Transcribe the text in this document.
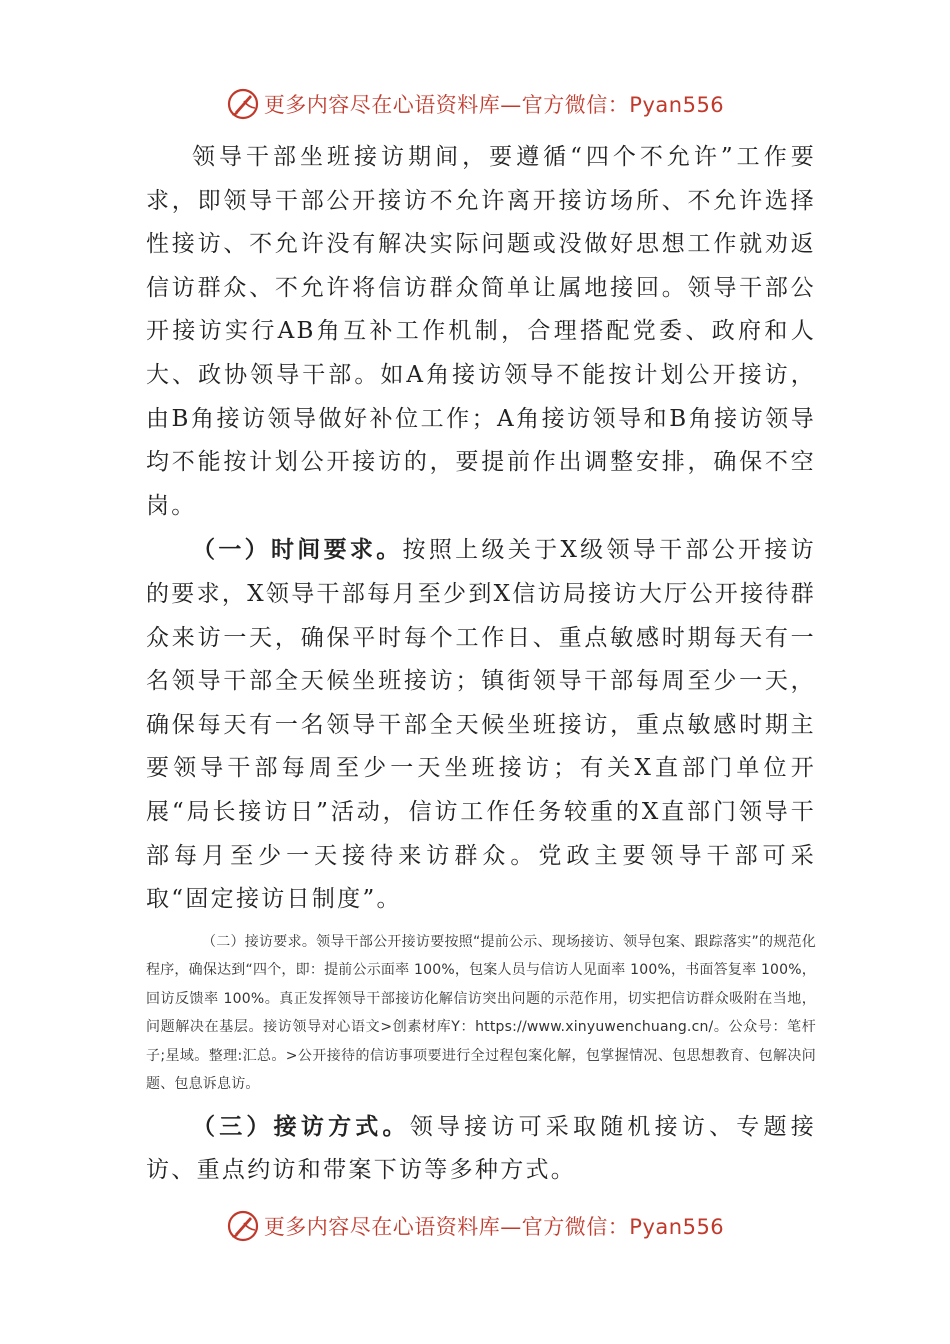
更多内容尽在心语资料库—官方微信：Pyan556

领导干部坐班接访期间，要遵循“四个不允许”工作要求，即领导干部公开接访不允许离开接访场所、不允许选择性接访、不允许没有解决实际问题或没做好思想工作就劝返信访群众、不允许将信访群众简单让属地接回。领导干部公开接访实行AB角互补工作机制，合理搭配党委、政府和人大、政协领导干部。如A角接访领导不能按计划公开接访，由B角接访领导做好补位工作；A角接访领导和B角接访领导均不能按计划公开接访的，要提前作出调整安排，确保不空岗。

（一）时间要求。按照上级关于X级领导干部公开接访的要求，X领导干部每月至少到X信访局接访大厅公开接待群众来访一天，确保平时每个工作日、重点敏感时期每天有一名领导干部全天候坐班接访；镇街领导干部每周至少一天，确保每天有一名领导干部全天候坐班接访，重点敏感时期主要领导干部每周至少一天坐班接访；有关X直部门单位开展“局长接访日”活动，信访工作任务较重的X直部门领导干部每月至少一天接待来访群众。党政主要领导干部可采取“固定接访日制度”。

（二）接访要求。领导干部公开接访要按照“提前公示、现场接访、领导包案、跟踪落实”的规范化程序，确保达到“四个，即：提前公示面率 100%，包案人员与信访人见面率 100%，书面答复率 100%，回访反馈率 100%。真正发挥领导干部接访化解信访突出问题的示范作用，切实把信访群众吸附在当地，问题解决在基层。接访领导对心语文>创素材库Y：https://www.xinyuwenchuang.cn/。公众号：笔杆子;星域。整理:汇总。>公开接待的信访事项要进行全过程包案化解，包掌握情况、包思想教育、包解决问题、包息诉息访。

（三）接访方式。领导接访可采取随机接访、专题接访、重点约访和带案下访等多种方式。

更多内容尽在心语资料库—官方微信：Pyan556
